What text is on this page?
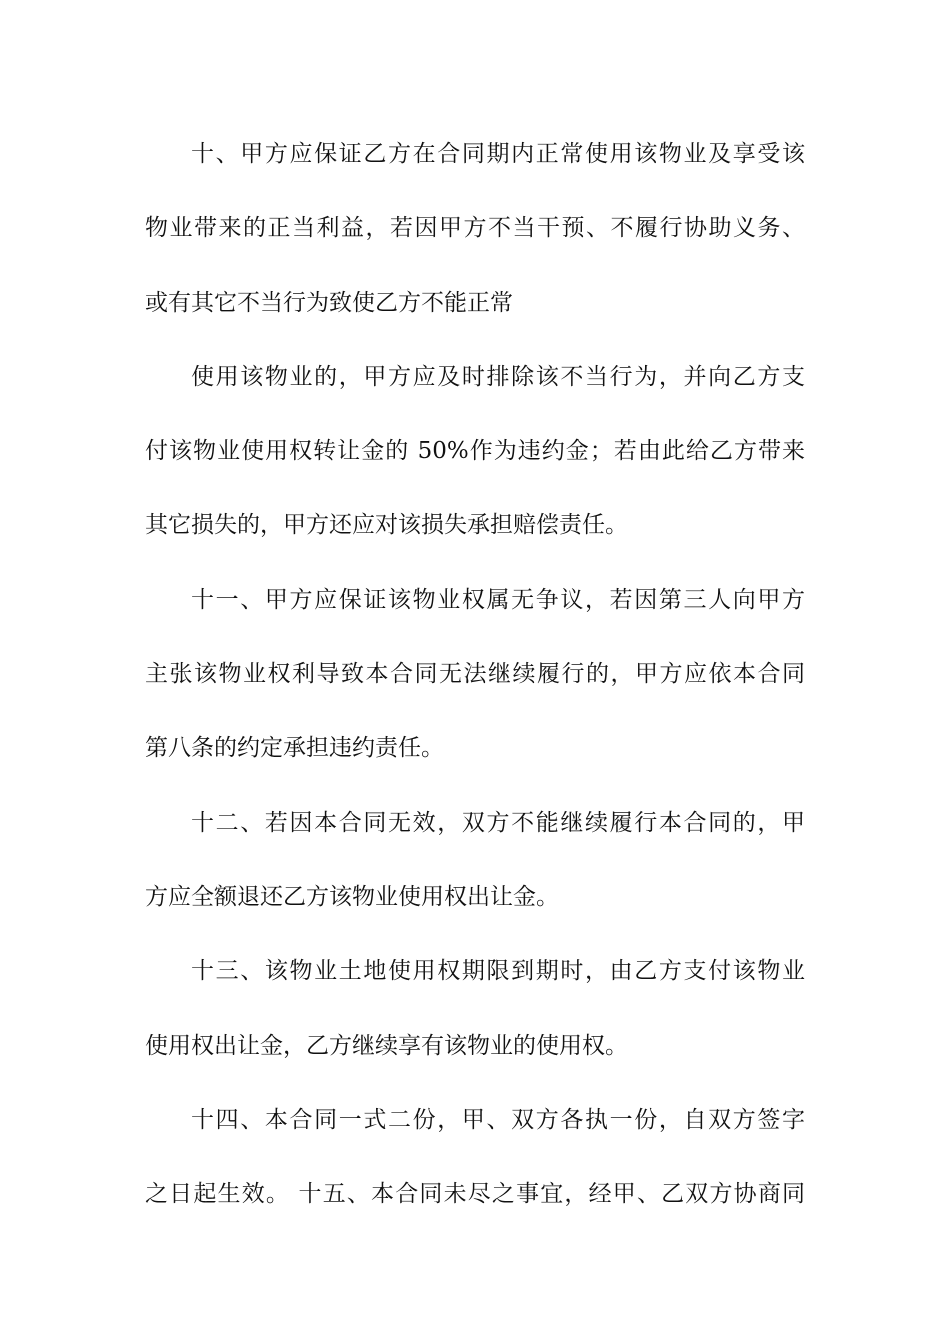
十、甲方应保证乙方在合同期内正常使用该物业及享受该
物业带来的正当利益，若因甲方不当干预、不履行协助义务、
或有其它不当行为致使乙方不能正常
使用该物业的，甲方应及时排除该不当行为，并向乙方支
付该物业使用权转让金的 50%作为违约金；若由此给乙方带来
其它损失的，甲方还应对该损失承担赔偿责任。
十一、甲方应保证该物业权属无争议，若因第三人向甲方
主张该物业权利导致本合同无法继续履行的，甲方应依本合同
第八条的约定承担违约责任。
十二、若因本合同无效，双方不能继续履行本合同的，甲
方应全额退还乙方该物业使用权出让金。
十三、该物业土地使用权期限到期时，由乙方支付该物业
使用权出让金，乙方继续享有该物业的使用权。
十四、本合同一式二份，甲、双方各执一份，自双方签字
之日起生效。 十五、本合同未尽之事宜，经甲、乙双方协商同
